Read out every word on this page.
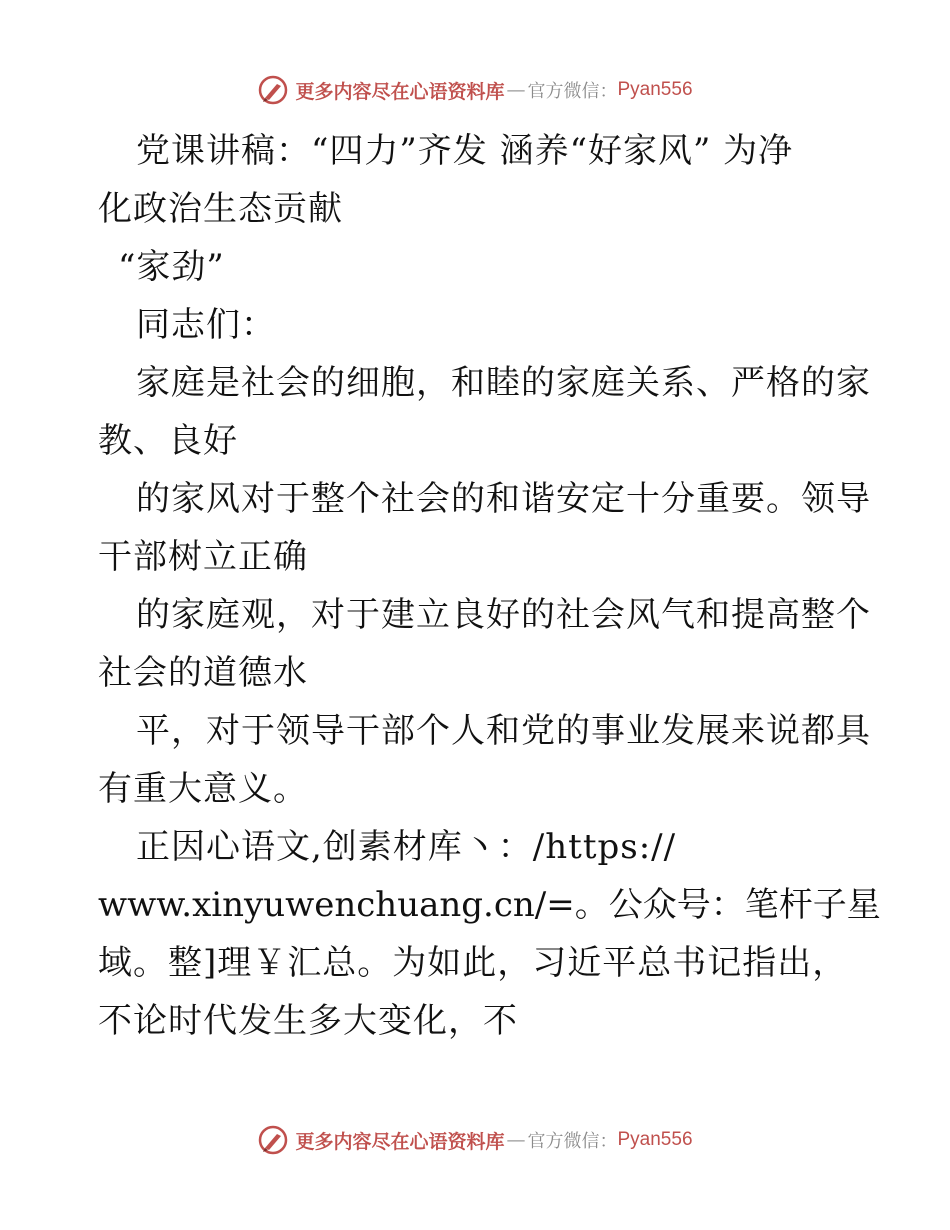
更多内容尽在心语资料库 — 官方微信： Pyan556
党课讲稿：“四力”齐发 涵养“好家风” 为净
化政治生态贡献
“家劲”
同志们：
家庭是社会的细胞，和睦的家庭关系、严格的家
教、良好
的家风对于整个社会的和谐安定十分重要。领导
干部树立正确
的家庭观，对于建立良好的社会风气和提高整个
社会的道德水
平，对于领导干部个人和党的事业发展来说都具
有重大意义。
正因心语文,创素材库丶：/https://
www.xinyuwenchuang.cn/=。公众号：笔杆子星
域。整]理￥汇总。为如此，习近平总书记指出，
不论时代发生多大变化，不
更多内容尽在心语资料库 — 官方微信： Pyan556
